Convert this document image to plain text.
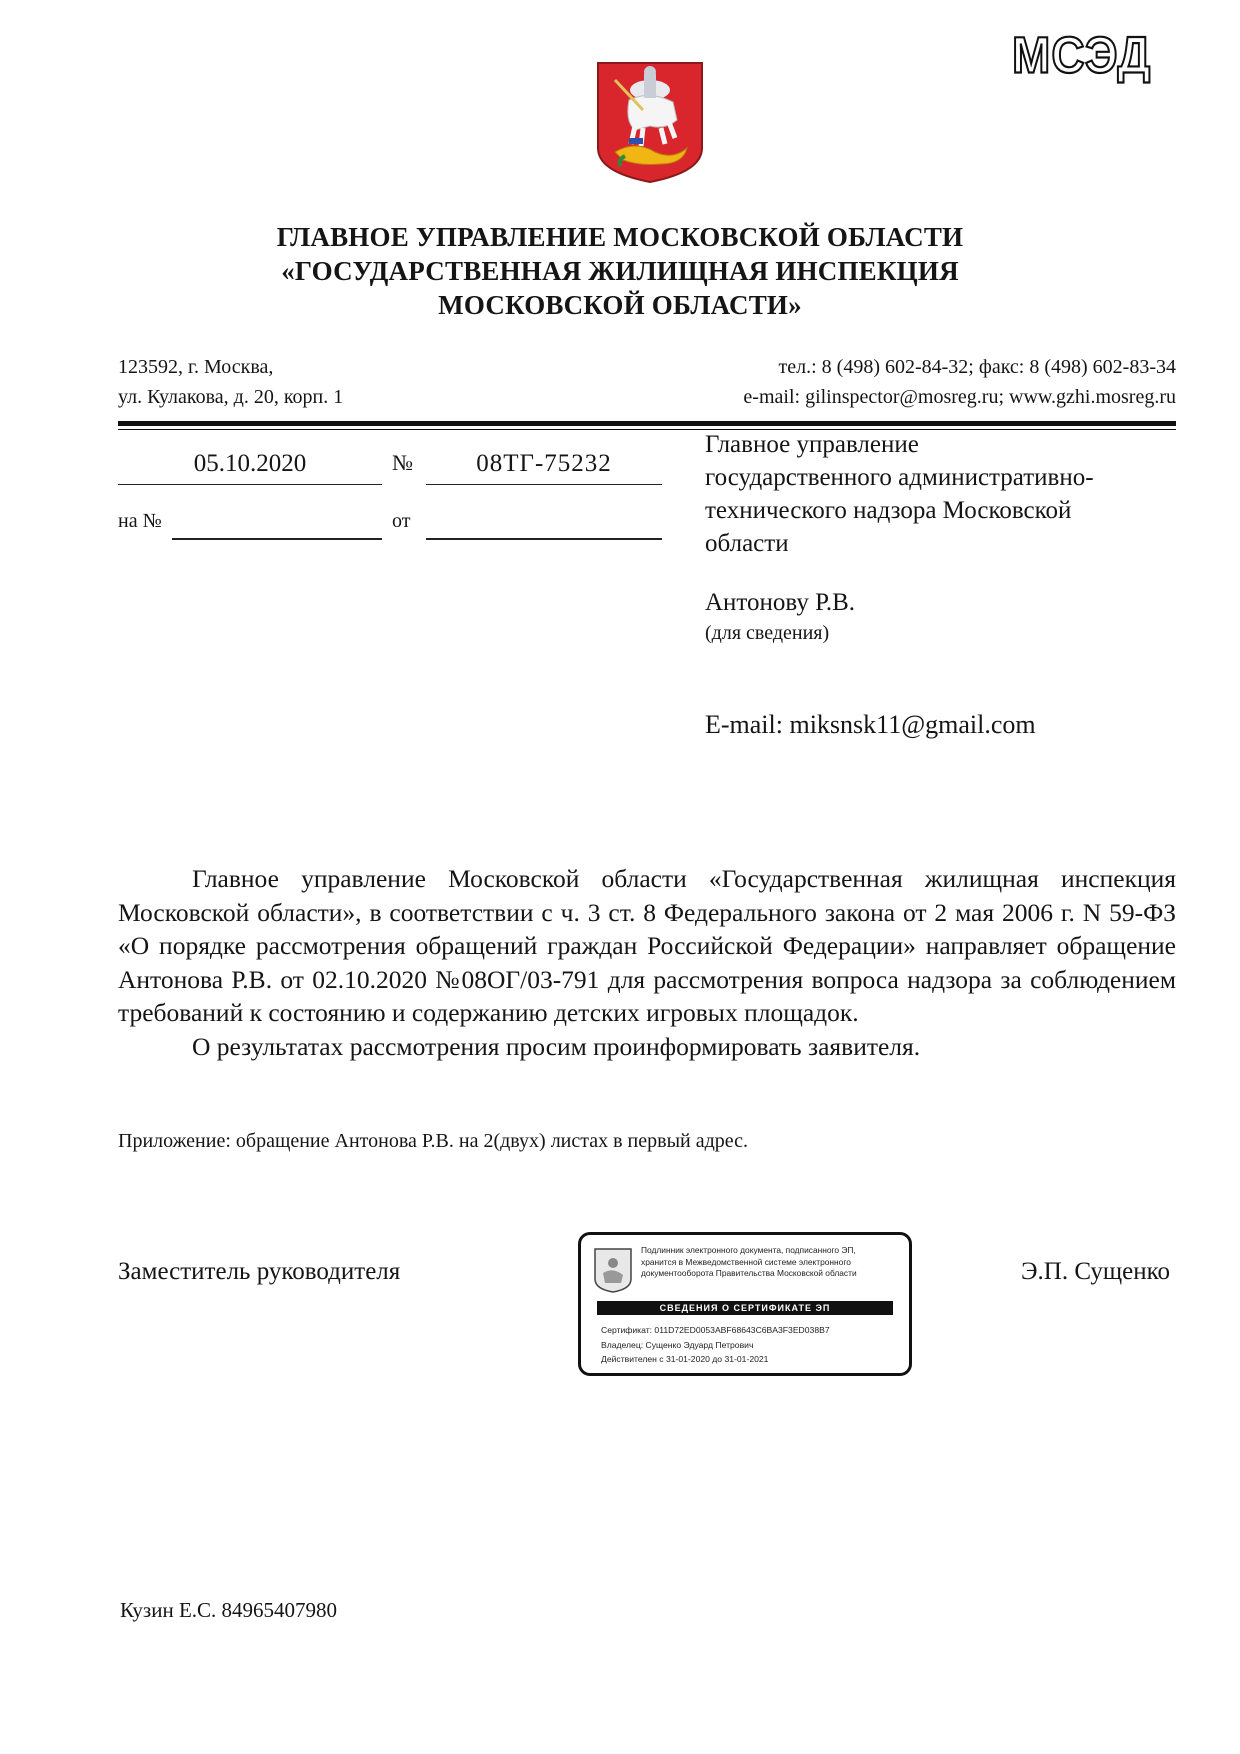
МСЭД
ГЛАВНОЕ УПРАВЛЕНИЕ МОСКОВСКОЙ ОБЛАСТИ
«ГОСУДАРСТВЕННАЯ ЖИЛИЩНАЯ ИНСПЕКЦИЯ
МОСКОВСКОЙ ОБЛАСТИ»
123592, г. Москва,
ул. Кулакова, д. 20, корп. 1
тел.: 8 (498) 602-84-32; факс: 8 (498) 602-83-34
e-mail: gilinspector@mosreg.ru; www.gzhi.mosreg.ru
05.10.2020	№	08ТГ-75232
на №	от
Главное управление
государственного административно-
технического надзора Московской
области
Антонову Р.В.
(для сведения)
E-mail: miksnsk11@gmail.com

Главное управление Московской области «Государственная жилищная инспекция Московской области», в соответствии с ч. 3 ст. 8 Федерального закона от 2 мая 2006 г. N 59-ФЗ «О порядке рассмотрения обращений граждан Российской Федерации» направляет обращение Антонова Р.В. от 02.10.2020 №08ОГ/03-791 для рассмотрения вопроса надзора за соблюдением требований к состоянию и содержанию детских игровых площадок.

О результатах рассмотрения просим проинформировать заявителя.

Приложение: обращение Антонова Р.В. на 2(двух) листах в первый адрес.
Заместитель руководителя
Подлинник электронного документа, подписанного ЭП,
хранится в Межведомственной системе электронного
документооборота Правительства Московской области
СВЕДЕНИЯ О СЕРТИФИКАТЕ ЭП
Сертификат: 011D72ED0053ABF68643C6BA3F3ED038B7
Владелец: Сущенко Эдуард Петрович
Действителен с 31-01-2020 до 31-01-2021
Э.П. Сущенко
Кузин Е.С. 84965407980
